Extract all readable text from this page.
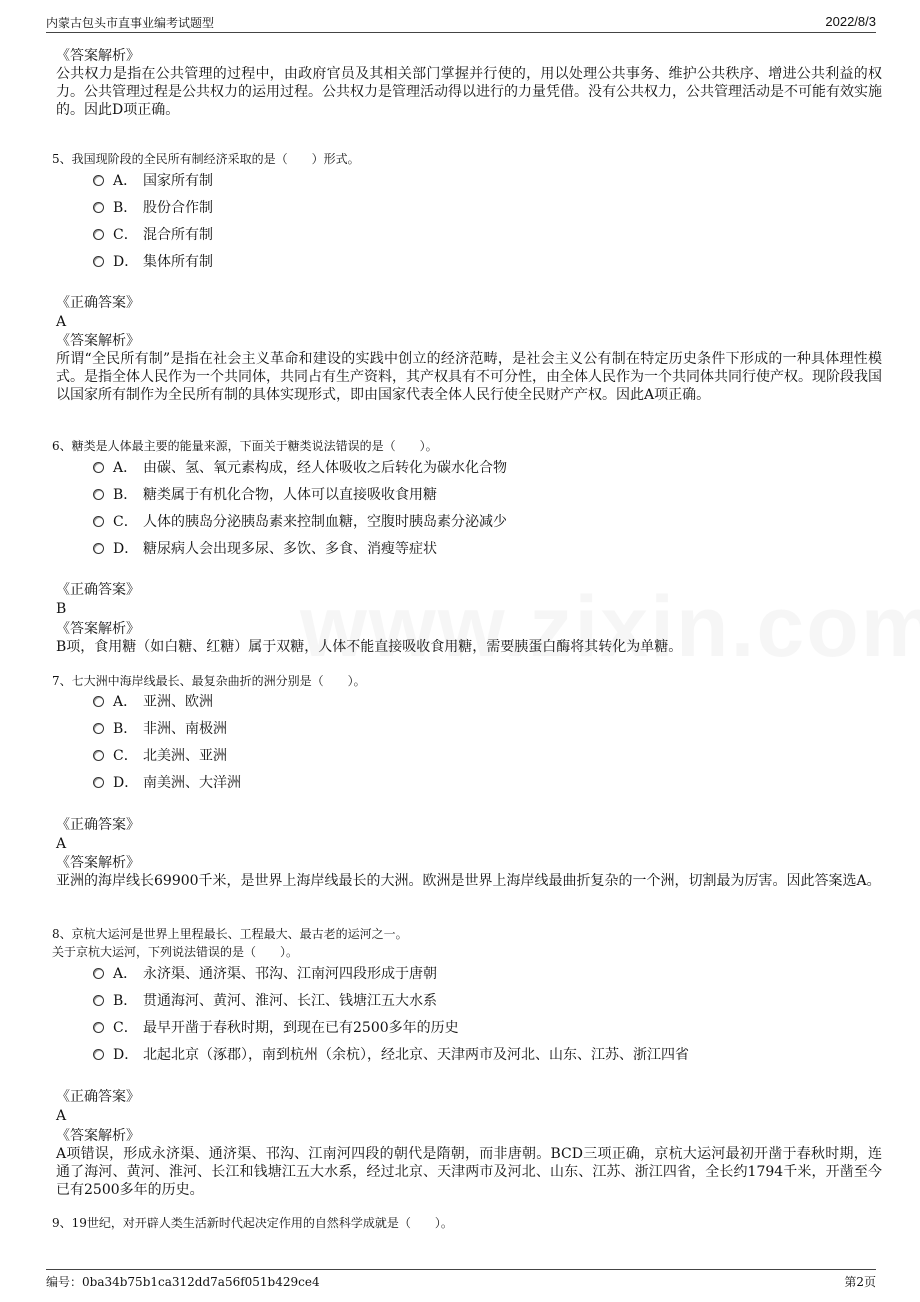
内蒙古包头市直事业编考试题型	2022/8/3
《答案解析》
公共权力是指在公共管理的过程中，由政府官员及其相关部门掌握并行使的，用以处理公共事务、维护公共秩序、增进公共利益的权力。公共管理过程是公共权力的运用过程。公共权力是管理活动得以进行的力量凭借。没有公共权力，公共管理活动是不可能有效实施的。因此D项正确。
5、我国现阶段的全民所有制经济采取的是（　　）形式。
A． 国家所有制
B． 股份合作制
C． 混合所有制
D． 集体所有制
《正确答案》
A
《答案解析》
所谓“全民所有制”是指在社会主义革命和建设的实践中创立的经济范畴，是社会主义公有制在特定历史条件下形成的一种具体理性模式。是指全体人民作为一个共同体，共同占有生产资料，其产权具有不可分性，由全体人民作为一个共同体共同行使产权。现阶段我国以国家所有制作为全民所有制的具体实现形式，即由国家代表全体人民行使全民财产产权。因此A项正确。
6、糖类是人体最主要的能量来源，下面关于糖类说法错误的是（　　）。
A． 由碳、氢、氧元素构成，经人体吸收之后转化为碳水化合物
B． 糖类属于有机化合物，人体可以直接吸收食用糖
C． 人体的胰岛分泌胰岛素来控制血糖，空腹时胰岛素分泌减少
D． 糖尿病人会出现多尿、多饮、多食、消瘦等症状
《正确答案》
B
《答案解析》
B项，食用糖（如白糖、红糖）属于双糖，人体不能直接吸收食用糖，需要胰蛋白酶将其转化为单糖。
7、七大洲中海岸线最长、最复杂曲折的洲分别是（　　）。
A． 亚洲、欧洲
B． 非洲、南极洲
C． 北美洲、亚洲
D． 南美洲、大洋洲
《正确答案》
A
《答案解析》
亚洲的海岸线长69900千米，是世界上海岸线最长的大洲。欧洲是世界上海岸线最曲折复杂的一个洲，切割最为厉害。因此答案选A。
8、京杭大运河是世界上里程最长、工程最大、最古老的运河之一。
关于京杭大运河，下列说法错误的是（　　）。
A． 永济渠、通济渠、邗沟、江南河四段形成于唐朝
B． 贯通海河、黄河、淮河、长江、钱塘江五大水系
C． 最早开凿于春秋时期，到现在已有2500多年的历史
D． 北起北京（涿郡），南到杭州（余杭），经北京、天津两市及河北、山东、江苏、浙江四省
《正确答案》
A
《答案解析》
A项错误，形成永济渠、通济渠、邗沟、江南河四段的朝代是隋朝，而非唐朝。BCD三项正确，京杭大运河最初开凿于春秋时期，连通了海河、黄河、淮河、长江和钱塘江五大水系，经过北京、天津两市及河北、山东、江苏、浙江四省，全长约1794千米，开凿至今已有2500多年的历史。
9、19世纪，对开辟人类生活新时代起决定作用的自然科学成就是（　　）。
编号：0ba34b75b1ca312dd7a56f051b429ce4	第2页
